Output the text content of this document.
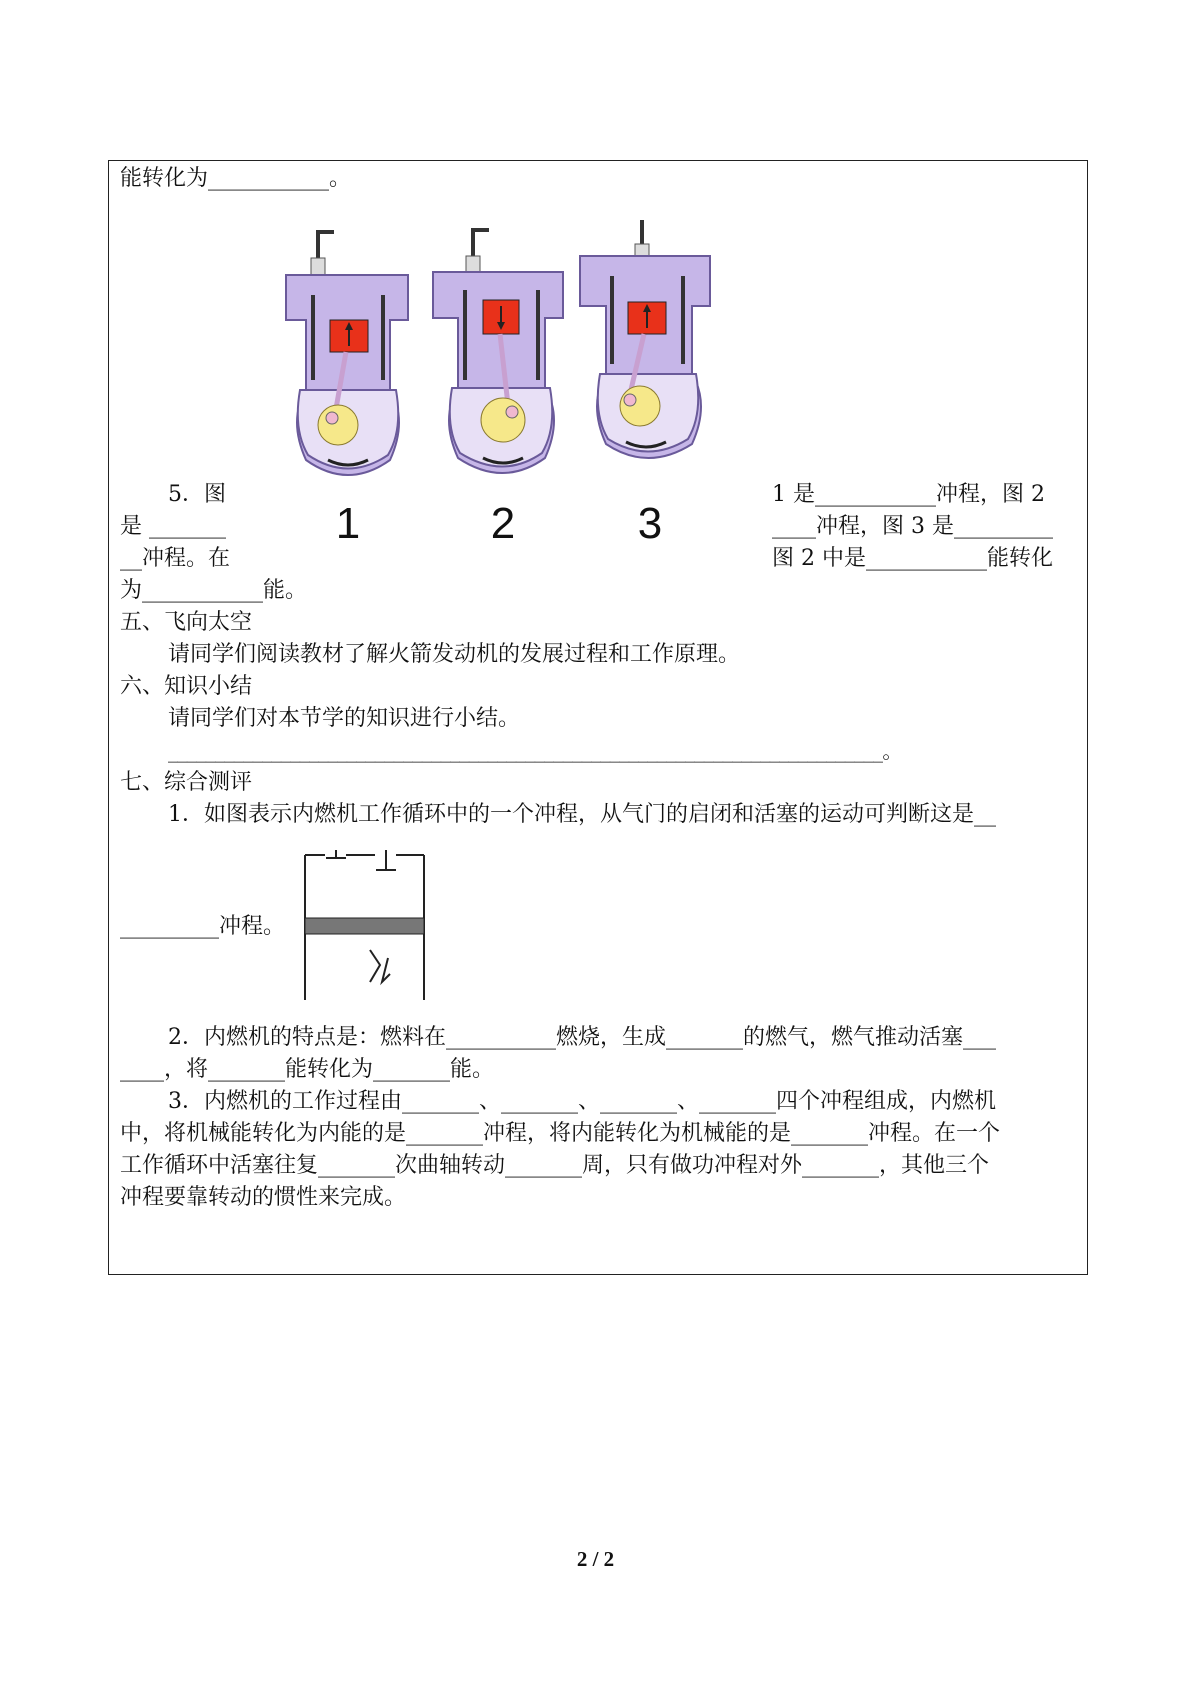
能转化为___________。
1	2	3
5．图
是 _______
__冲程。在
为___________能。
1 是___________冲程，图 2
____冲程，图 3 是_________
图 2 中是___________能转化
五、飞向太空
请同学们阅读教材了解火箭发动机的发展过程和工作原理。
六、知识小结
请同学们对本节学的知识进行小结。
____________________________________________________________________________。
七、综合测评
1．如图表示内燃机工作循环中的一个冲程，从气门的启闭和活塞的运动可判断这是__
_________冲程。
2．内燃机的特点是：燃料在__________燃烧，生成_______的燃气，燃气推动活塞___
____，将_______能转化为_______能。
3．内燃机的工作过程由_______、_______、_______、_______四个冲程组成，内燃机
中，将机械能转化为内能的是_______冲程，将内能转化为机械能的是_______冲程。在一个
工作循环中活塞往复_______次曲轴转动_______周，只有做功冲程对外_______，其他三个
冲程要靠转动的惯性来完成。
2 / 2
